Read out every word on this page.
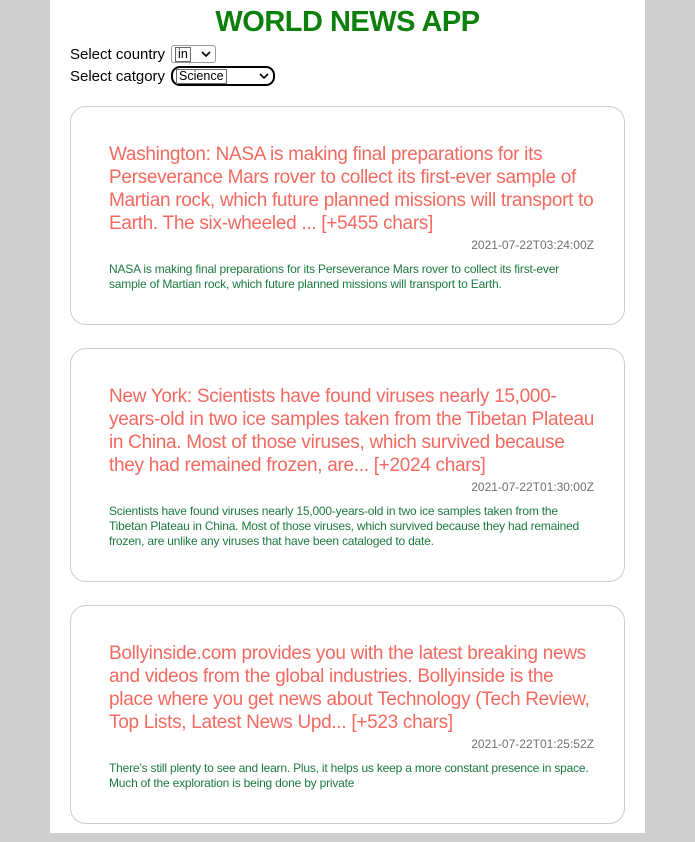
WORLD NEWS APP
Select country in
Select catgory Science
Washington: NASA is making final preparations for its Perseverance Mars rover to collect its first-ever sample of Martian rock, which future planned missions will transport to Earth. The six-wheeled ... [+5455 chars]
2021-07-22T03:24:00Z
NASA is making final preparations for its Perseverance Mars rover to collect its first-ever sample of Martian rock, which future planned missions will transport to Earth.
New York: Scientists have found viruses nearly 15,000-years-old in two ice samples taken from the Tibetan Plateau in China. Most of those viruses, which survived because they had remained frozen, are... [+2024 chars]
2021-07-22T01:30:00Z
Scientists have found viruses nearly 15,000-years-old in two ice samples taken from the Tibetan Plateau in China. Most of those viruses, which survived because they had remained frozen, are unlike any viruses that have been cataloged to date.
Bollyinside.com provides you with the latest breaking news and videos from the global industries. Bollyinside is the place where you get news about Technology (Tech Review, Top Lists, Latest News Upd... [+523 chars]
2021-07-22T01:25:52Z
There’s still plenty to see and learn. Plus, it helps us keep a more constant presence in space. Much of the exploration is being done by private
